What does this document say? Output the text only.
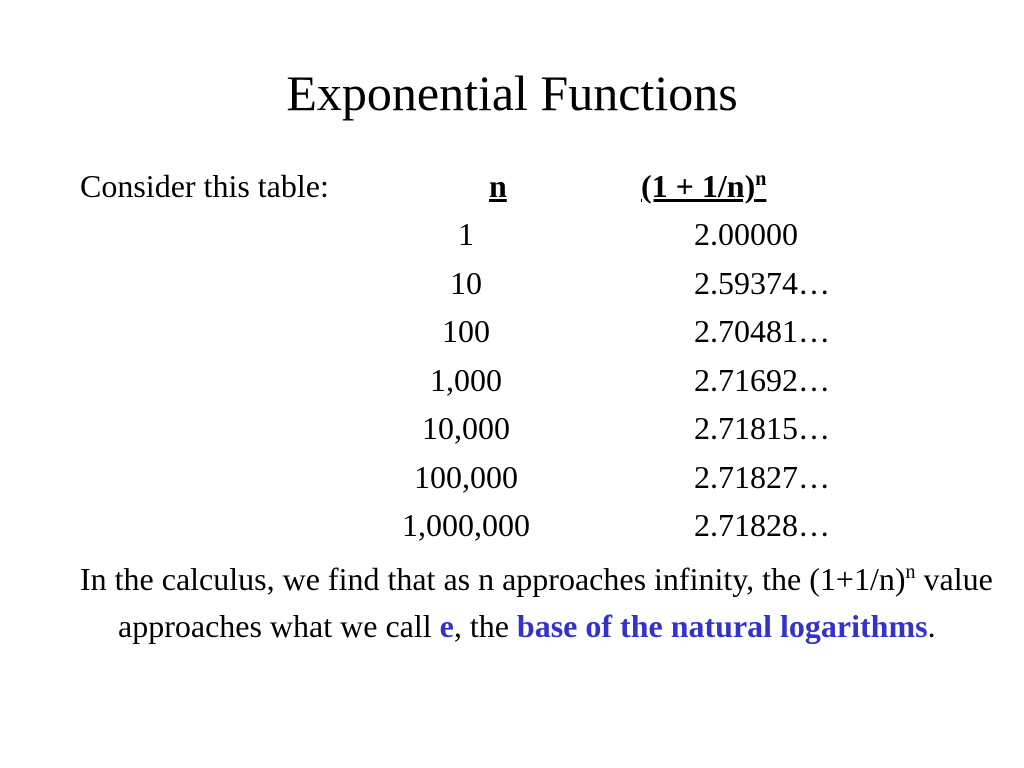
Exponential Functions
Consider this table:	n	$(1 + 1/n)^n$
1	2.00000
10	2.59374…
100	2.70481…
1,000	2.71692…
10,000	2.71815…
100,000	2.71827…
1,000,000	2.71828…
In the calculus, we find that as n approaches infinity, the $(1+1/n)^n$ value approaches what we call e, the base of the natural logarithms.
